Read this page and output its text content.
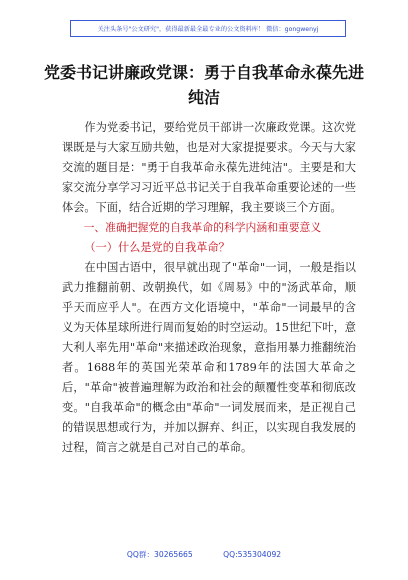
关注头条号"公文研究"，获得最新最全最专业的公文资料库！ 微信：gongwenyj
党委书记讲廉政党课：勇于自我革命永葆先进纯洁

作为党委书记，要给党员干部讲一次廉政党课。这次党课既是与大家互励共勉，也是对大家提提要求。今天与大家交流的题目是："勇于自我革命永葆先进纯洁"。主要是和大家交流分享学习习近平总书记关于自我革命重要论述的一些体会。下面，结合近期的学习理解，我主要谈三个方面。

一、准确把握党的自我革命的科学内涵和重要意义

（一）什么是党的自我革命？

在中国古语中，很早就出现了"革命"一词，一般是指以武力推翻前朝、改朝换代，如《周易》中的"汤武革命，顺乎天而应乎人"。在西方文化语境中，"革命"一词最早的含义为天体星球所进行周而复始的时空运动。15世纪下叶，意大利人率先用"革命"来描述政治现象，意指用暴力推翻统治者。1688年的英国光荣革命和1789年的法国大革命之后，"革命"被普遍理解为政治和社会的颠覆性变革和彻底改变。"自我革命"的概念由"革命"一词发展而来，是正视自己的错误思想或行为，并加以摒弃、纠正，以实现自我发展的过程，简言之就是自己对自己的革命。

QQ群：30265665	QQ:535304092
